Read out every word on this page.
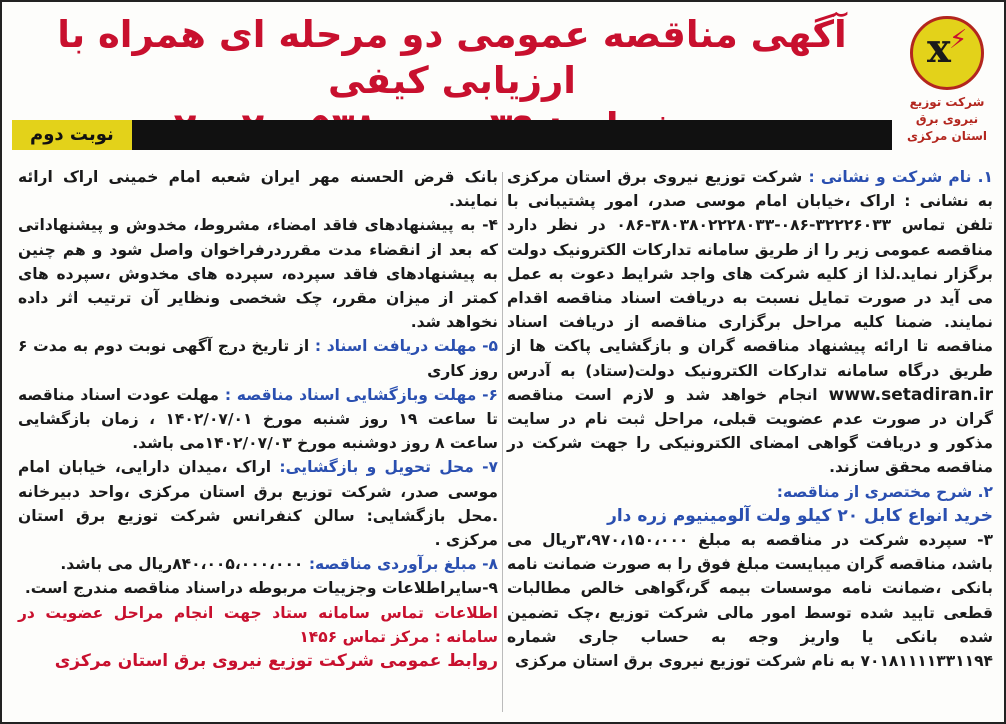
آگهی مناقصه عمومی دو مرحله ای همراه با ارزیابی کیفی
x
⚡
شرکت توزیع نیروی برق
استان مرکزی
نوبت دوم

۱. نام شرکت و نشانی : شرکت توزیع نیروی برق استان مرکزی به نشانی : اراک ،خیابان امام موسی صدر، امور پشتیبانی با تلفن تماس ۳۲۲۲۶۰۳۳-۰۸۶-۳۸۰۳۸۰۲۲۲۸۰۳۳-۰۸۶ در نظر دارد مناقصه عمومی زیر را از طریق سامانه تدارکات الکترونیک دولت برگزار نماید.لذا از کلیه شرکت های واجد شرایط دعوت به عمل می آید در صورت تمایل نسبت به دریافت اسناد مناقصه اقدام نمایند. ضمنا کلیه مراحل برگزاری مناقصه از دریافت اسناد مناقصه تا ارائه پیشنهاد مناقصه گران و بازگشایی پاکت ها از طریق درگاه سامانه تدارکات الکترونیک دولت(ستاد) به آدرس www.setadiran.ir انجام خواهد شد و لازم است مناقصه گران در صورت عدم عضویت قبلی، مراحل ثبت نام در سایت مذکور و دریافت گواهی امضای الکترونیکی را جهت شرکت در مناقصه محقق سازند.

۲. شرح مختصری از مناقصه:

خرید انواع کابل ۲۰ کیلو ولت آلومینیوم زره دار

۳- سپرده شرکت در مناقصه به مبلغ ۳،۹۷۰،۱۵۰،۰۰۰ریال می باشد، مناقصه گران میبایست مبلغ فوق را به صورت ضمانت نامه بانکی ،ضمانت نامه موسسات بیمه گر،گواهی خالص مطالبات قطعی تایید شده توسط امور مالی شرکت توزیع ،چک تضمین شده بانکی یا واریز وجه به حساب جاری شماره ۷۰۱۸۱۱۱۱۳۳۱۱۹۴ به نام شرکت توزیع نیروی برق استان مرکزی

بانک قرض الحسنه مهر ایران شعبه امام خمینی اراک ارائه نمایند.

۴- به پیشنهادهای فاقد امضاء، مشروط، مخدوش و پیشنهاداتی که بعد از انقضاء مدت مقرردرفراخوان واصل شود و هم چنین به پیشنهادهای فاقد سپرده، سپرده های مخدوش ،سپرده های کمتر از میزان مقرر، چک شخصی ونظایر آن ترتیب اثر داده نخواهد شد.

۵- مهلت دریافت اسناد : از تاریخ درج آگهی نوبت دوم به مدت ۶ روز کاری

۶- مهلت وبازگشایی اسناد مناقصه : مهلت عودت اسناد مناقصه تا ساعت ۱۹ روز شنبه مورخ ۱۴۰۲/۰۷/۰۱ ، زمان بازگشایی ساعت ۸ روز دوشنبه مورخ ۱۴۰۲/۰۷/۰۳می باشد.

۷- محل تحویل و بازگشایی: اراک ،میدان دارایی، خیابان امام موسی صدر، شرکت توزیع برق استان مرکزی ،واحد دبیرخانه .محل بازگشایی: سالن کنفرانس شرکت توزیع برق استان مرکزی .

۸- مبلغ برآوردی مناقصه: ۸۴۰،۰۰۵،۰۰۰،۰۰۰ریال می باشد.

۹-سایراطلاعات وجزییات مربوطه دراسناد مناقصه مندرج است.

اطلاعات تماس سامانه ستاد جهت انجام مراحل عضویت در سامانه : مرکز تماس ۱۴۵۶

روابط عمومی شرکت توزیع نیروی برق استان مرکزی
